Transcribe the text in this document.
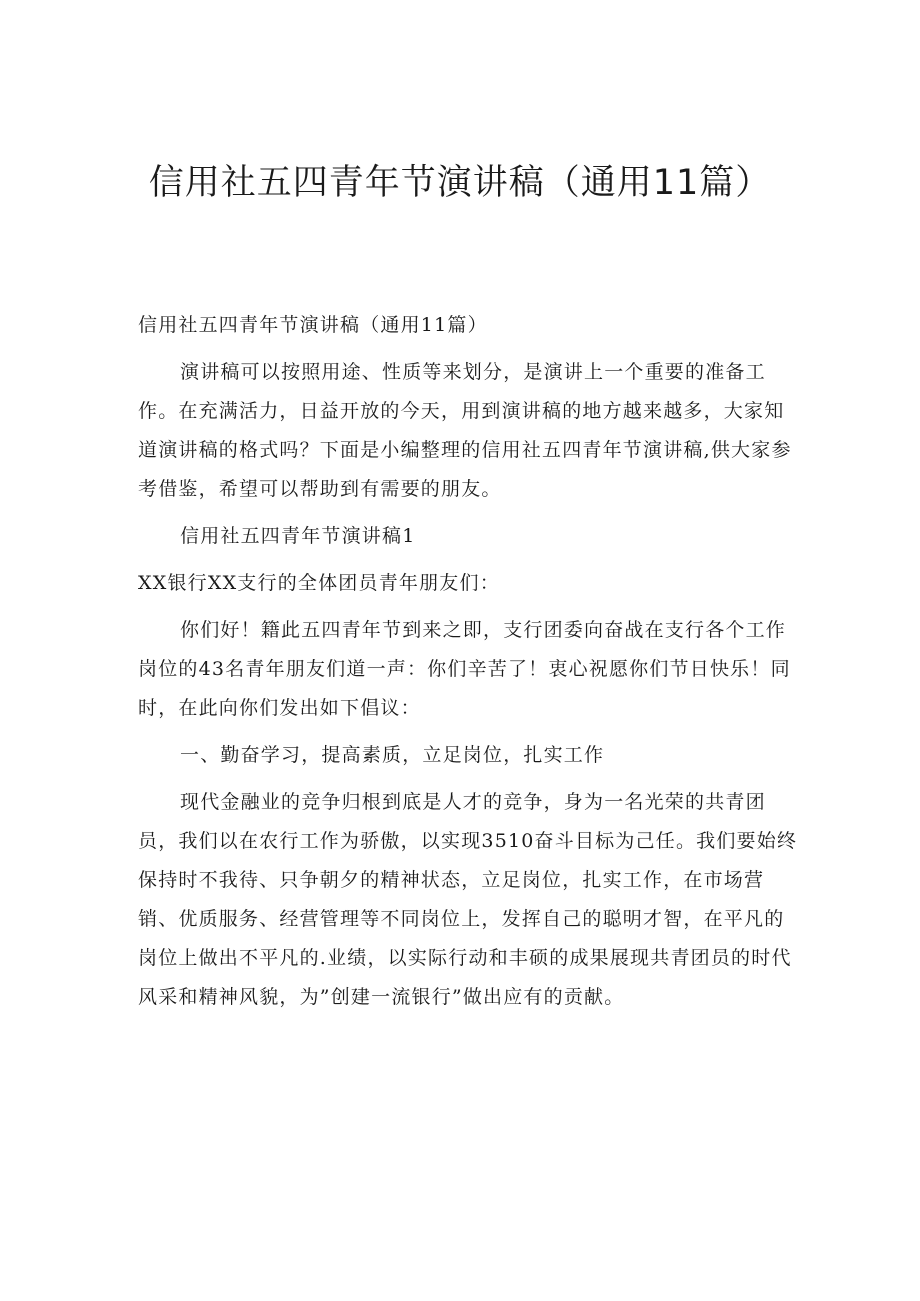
信用社五四青年节演讲稿（通用11篇）

信用社五四青年节演讲稿（通用11篇）

演讲稿可以按照用途、性质等来划分，是演讲上一个重要的准备工作。在充满活力，日益开放的今天，用到演讲稿的地方越来越多，大家知道演讲稿的格式吗？下面是小编整理的信用社五四青年节演讲稿,供大家参考借鉴，希望可以帮助到有需要的朋友。

信用社五四青年节演讲稿1

XX银行XX支行的全体团员青年朋友们：

你们好！籍此五四青年节到来之即，支行团委向奋战在支行各个工作岗位的43名青年朋友们道一声：你们辛苦了！衷心祝愿你们节日快乐！同时，在此向你们发出如下倡议：

一、勤奋学习，提高素质，立足岗位，扎实工作

现代金融业的竞争归根到底是人才的竞争，身为一名光荣的共青团员，我们以在农行工作为骄傲，以实现3510奋斗目标为己任。我们要始终保持时不我待、只争朝夕的精神状态，立足岗位，扎实工作，在市场营销、优质服务、经营管理等不同岗位上，发挥自己的聪明才智，在平凡的岗位上做出不平凡的.业绩，以实际行动和丰硕的成果展现共青团员的时代风采和精神风貌，为”创建一流银行”做出应有的贡献。
